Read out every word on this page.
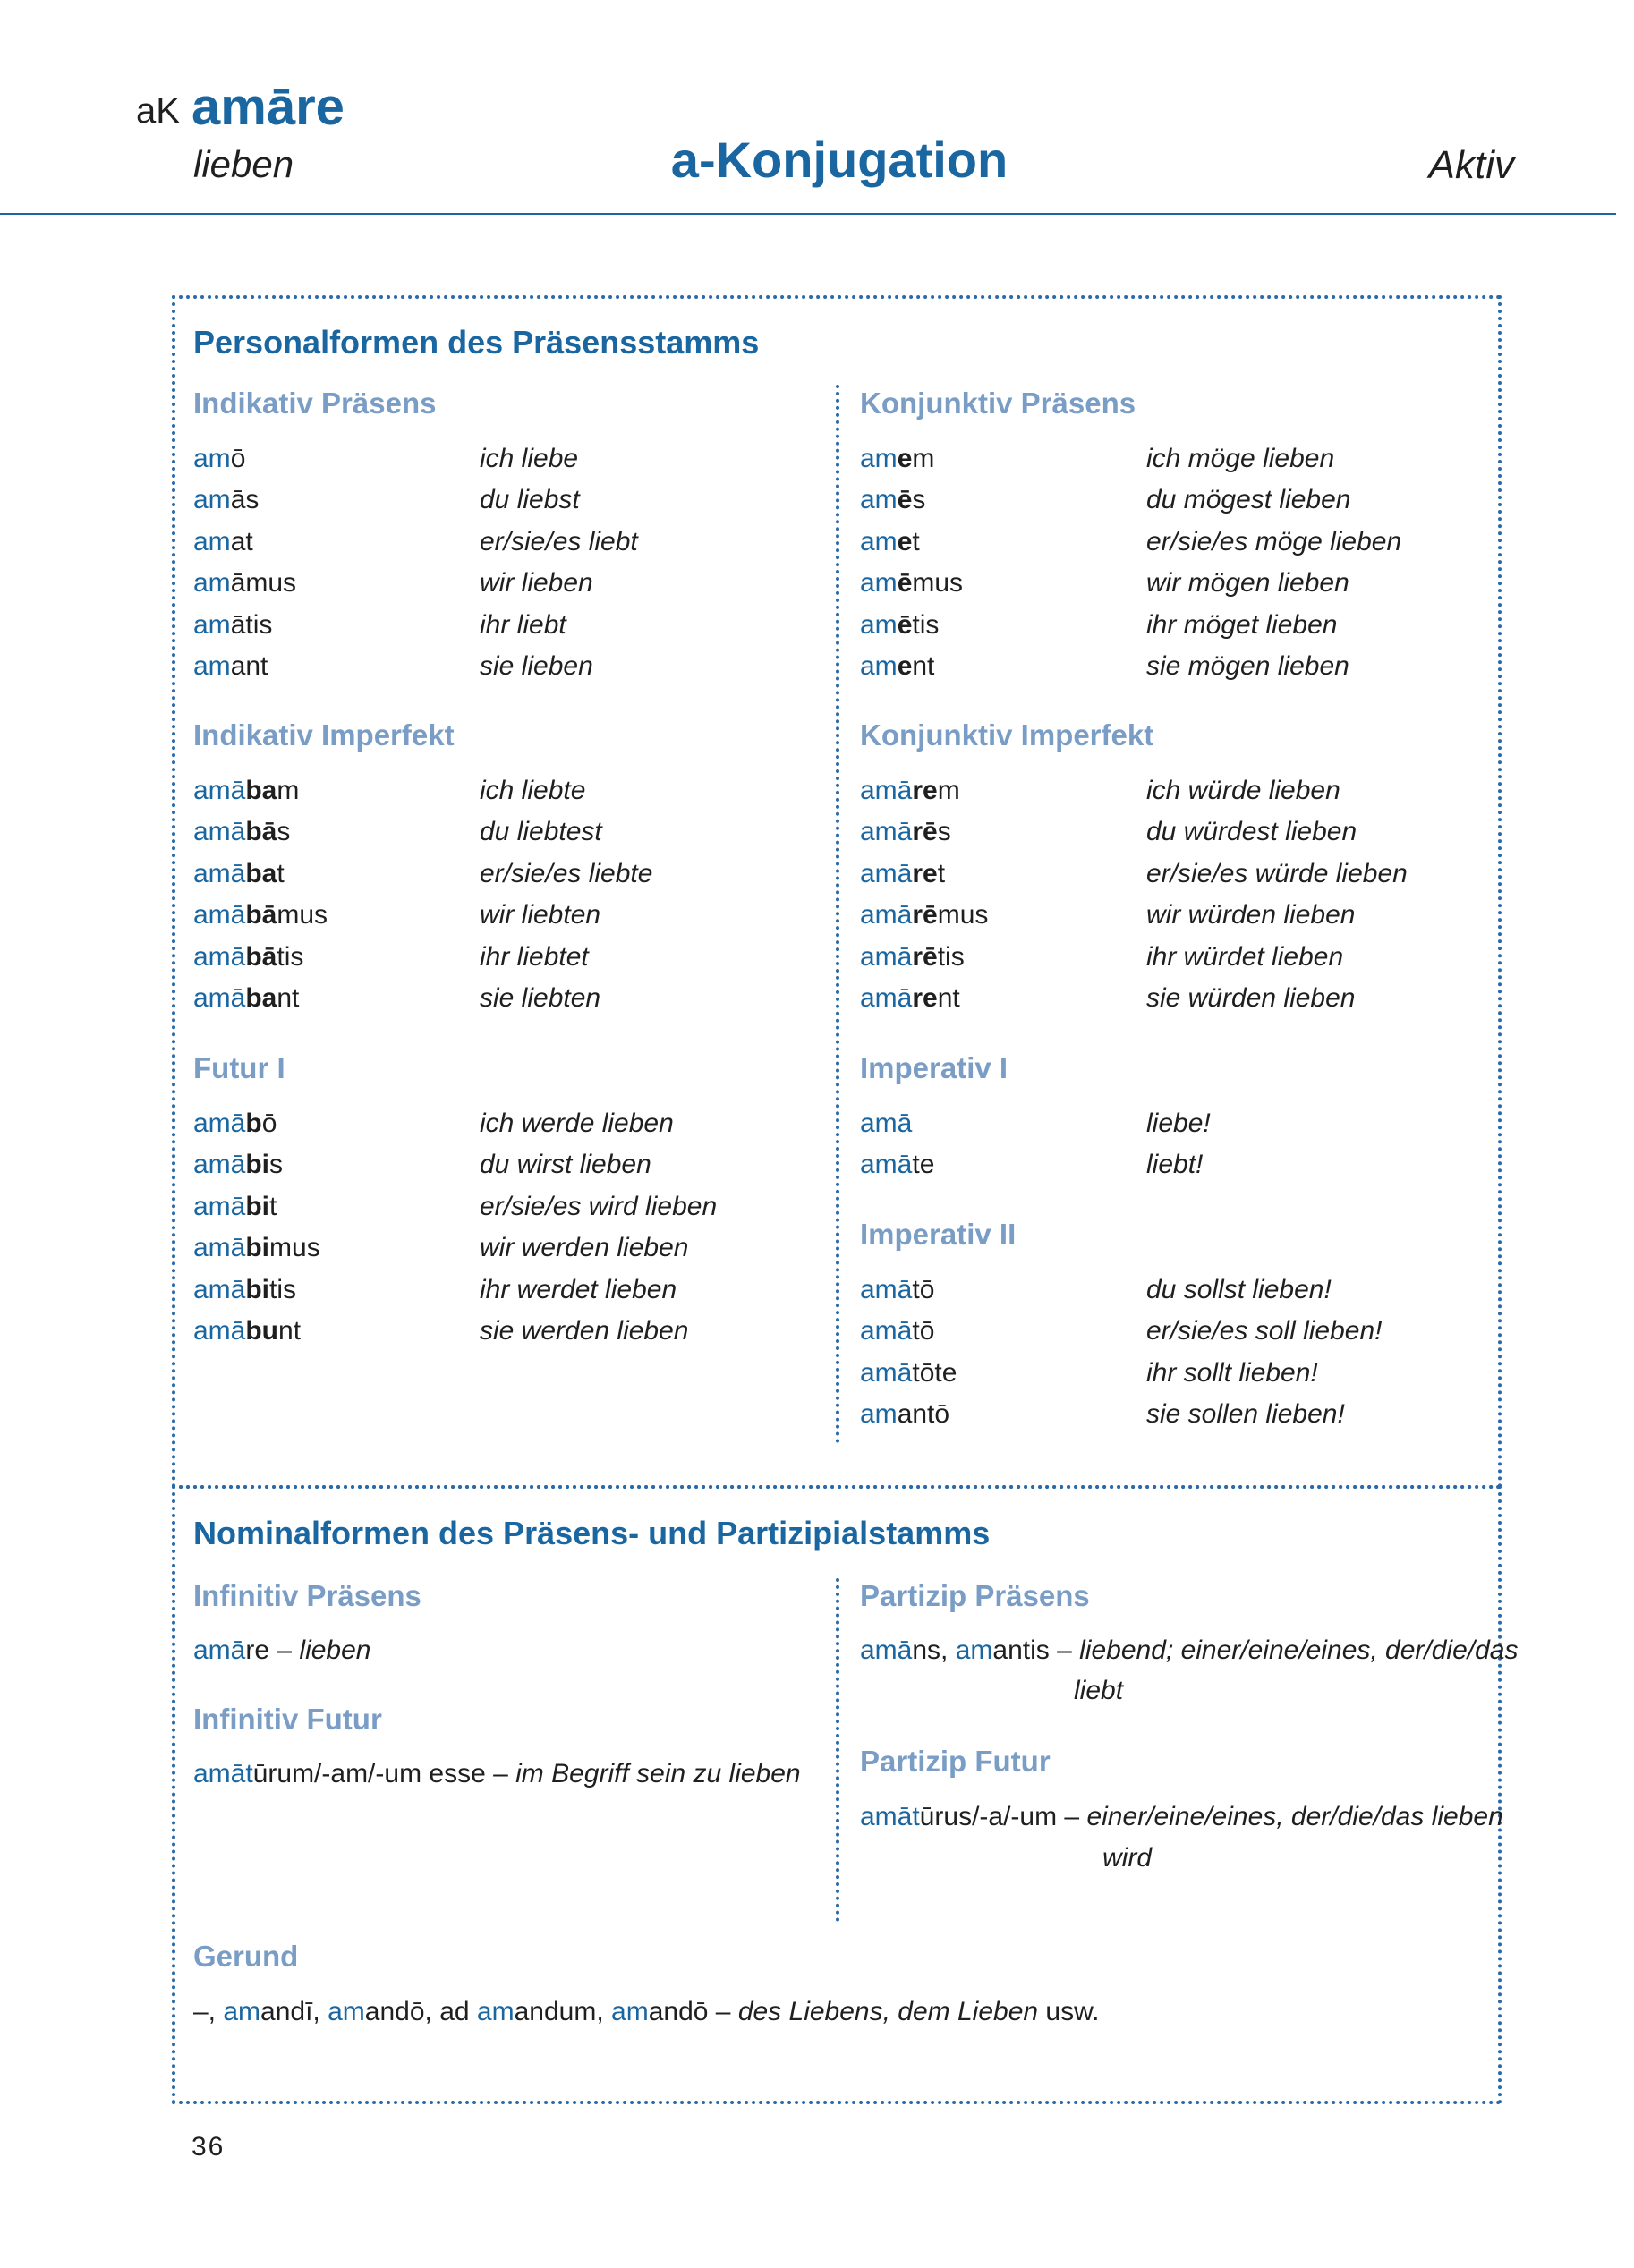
aK amāre
lieben	a-Konjugation	Aktiv
Personalformen des Präsensstamms
Indikativ Präsens
amō	ich liebe
amās	du liebst
amat	er/sie/es liebt
amāmus	wir lieben
amātis	ihr liebt
amant	sie lieben
Indikativ Imperfekt
amābam	ich liebte
amābās	du liebtest
amābat	er/sie/es liebte
amābāmus	wir liebten
amābātis	ihr liebtet
amābant	sie liebten
Futur I
amābō	ich werde lieben
amābis	du wirst lieben
amābit	er/sie/es wird lieben
amābimus	wir werden lieben
amābitis	ihr werdet lieben
amābunt	sie werden lieben
Konjunktiv Präsens
amem	ich möge lieben
amēs	du mögest lieben
amet	er/sie/es möge lieben
amēmus	wir mögen lieben
amētis	ihr möget lieben
ament	sie mögen lieben
Konjunktiv Imperfekt
amārem	ich würde lieben
amārēs	du würdest lieben
amāret	er/sie/es würde lieben
amārēmus	wir würden lieben
amārētis	ihr würdet lieben
amārent	sie würden lieben
Imperativ I
amā	liebe!
amāte	liebt!
Imperativ II
amātō	du sollst lieben!
amātō	er/sie/es soll lieben!
amātōte	ihr sollt lieben!
amantō	sie sollen lieben!
Nominalformen des Präsens- und Partizipialstamms
Infinitiv Präsens
amāre – lieben
Infinitiv Futur
amātūrum/-am/-um esse – im Begriff sein zu lieben
Partizip Präsens
amāns, amantis – liebend; einer/eine/eines, der/die/das
liebt
Partizip Futur
amātūrus/-a/-um – einer/eine/eines, der/die/das lieben
wird
Gerund
–, amandī, amandō, ad amandum, amandō – des Liebens, dem Lieben usw.
36
